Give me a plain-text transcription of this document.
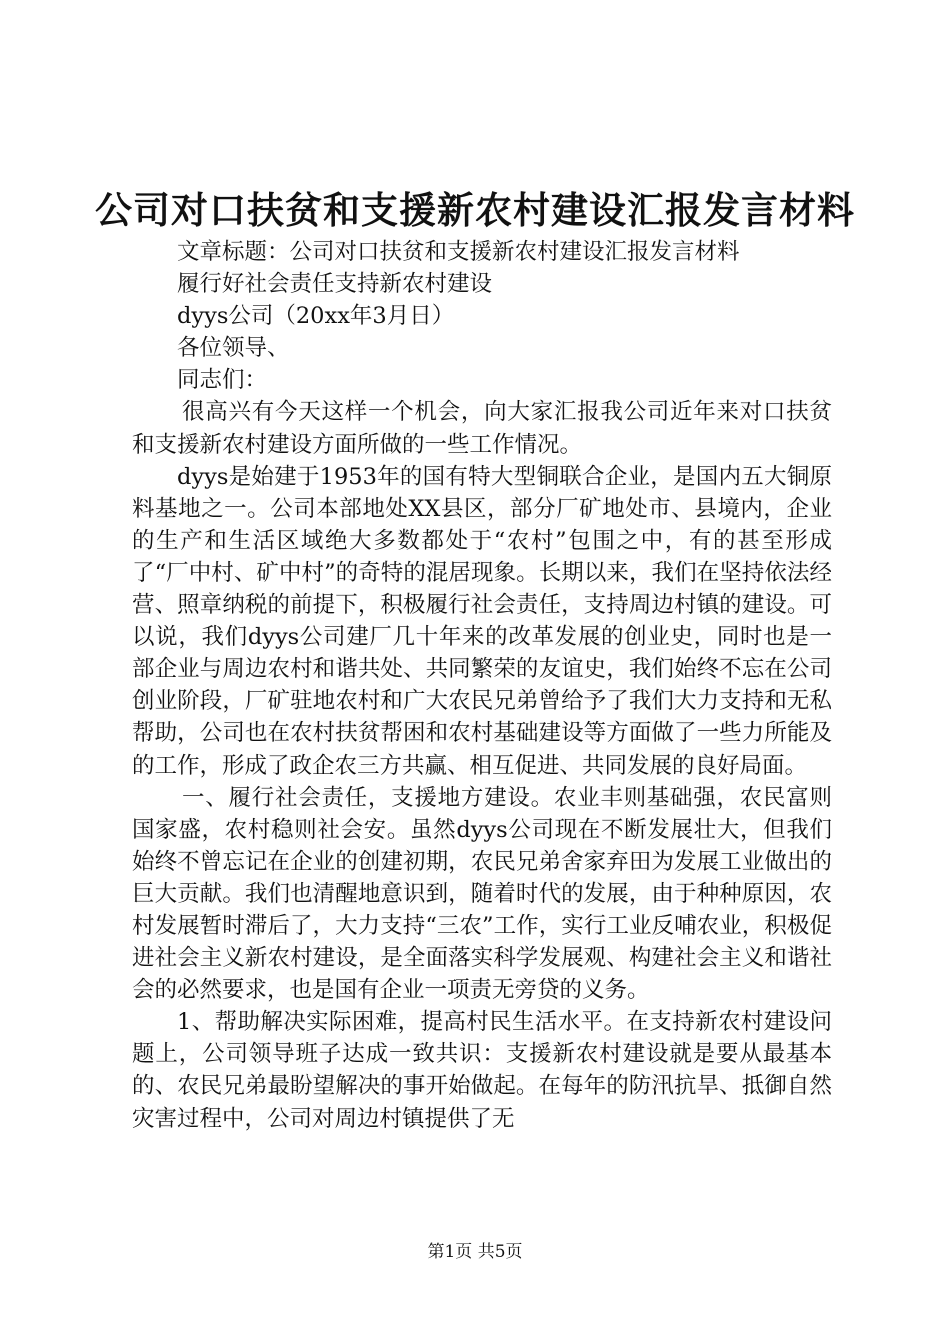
公司对口扶贫和支援新农村建设汇报发言材料

文章标题：公司对口扶贫和支援新农村建设汇报发言材料

履行好社会责任支持新农村建设

dyys公司（20xx年3月日）

各位领导、

同志们：

很高兴有今天这样一个机会，向大家汇报我公司近年来对口扶贫和支援新农村建设方面所做的一些工作情况。

dyys是始建于1953年的国有特大型铜联合企业，是国内五大铜原料基地之一。公司本部地处XX县区，部分厂矿地处市、县境内，企业的生产和生活区域绝大多数都处于“农村”包围之中，有的甚至形成了“厂中村、矿中村”的奇特的混居现象。长期以来，我们在坚持依法经营、照章纳税的前提下，积极履行社会责任，支持周边村镇的建设。可以说，我们dyys公司建厂几十年来的改革发展的创业史，同时也是一部企业与周边农村和谐共处、共同繁荣的友谊史，我们始终不忘在公司创业阶段，厂矿驻地农村和广大农民兄弟曾给予了我们大力支持和无私帮助，公司也在农村扶贫帮困和农村基础建设等方面做了一些力所能及的工作，形成了政企农三方共赢、相互促进、共同发展的良好局面。

一、履行社会责任，支援地方建设。农业丰则基础强，农民富则国家盛，农村稳则社会安。虽然dyys公司现在不断发展壮大，但我们始终不曾忘记在企业的创建初期，农民兄弟舍家弃田为发展工业做出的巨大贡献。我们也清醒地意识到，随着时代的发展，由于种种原因，农村发展暂时滞后了，大力支持“三农”工作，实行工业反哺农业，积极促进社会主义新农村建设，是全面落实科学发展观、构建社会主义和谐社会的必然要求，也是国有企业一项责无旁贷的义务。

1、帮助解决实际困难，提高村民生活水平。在支持新农村建设问题上，公司领导班子达成一致共识：支援新农村建设就是要从最基本的、农民兄弟最盼望解决的事开始做起。在每年的防汛抗旱、抵御自然灾害过程中，公司对周边村镇提供了无

第1页 共5页
